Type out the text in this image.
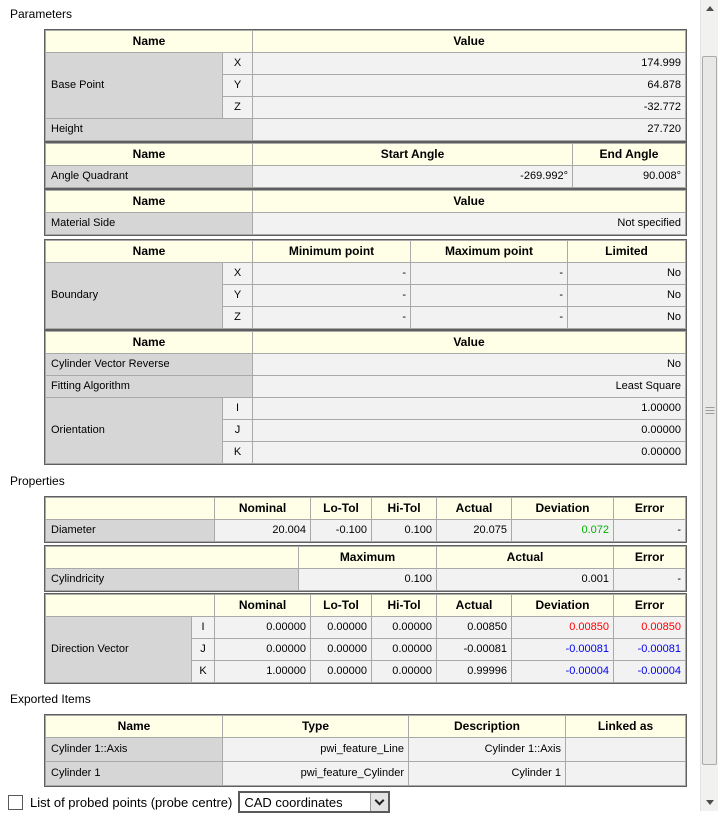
Parameters
Name		Value
Base Point	X	174.999
	Y	64.878
	Z	-32.772
Height		27.720
Name	Start Angle	End Angle
Angle Quadrant	-269.992°	90.008°
Name	Value
Material Side	Not specified
Name		Minimum point	Maximum point	Limited
Boundary	X	-	-	No
	Y	-	-	No
	Z	-	-	No
Name		Value
Cylinder Vector Reverse		No
Fitting Algorithm		Least Square
Orientation	I	1.00000
	J	0.00000
	K	0.00000
Properties
	Nominal	Lo-Tol	Hi-Tol	Actual	Deviation	Error
Diameter	20.004	-0.100	0.100	20.075	0.072	-
	Maximum	Actual	Error
Cylindricity	0.100	0.001	-
		Nominal	Lo-Tol	Hi-Tol	Actual	Deviation	Error
Direction Vector	I	0.00000	0.00000	0.00000	0.00850	0.00850	0.00850
	J	0.00000	0.00000	0.00000	-0.00081	-0.00081	-0.00081
	K	1.00000	0.00000	0.00000	0.99996	-0.00004	-0.00004
Exported Items
Name	Type	Description	Linked as
Cylinder 1::Axis	pwi_feature_Line	Cylinder 1::Axis	
Cylinder 1	pwi_feature_Cylinder	Cylinder 1	
List of probed points (probe centre) CAD coordinates
